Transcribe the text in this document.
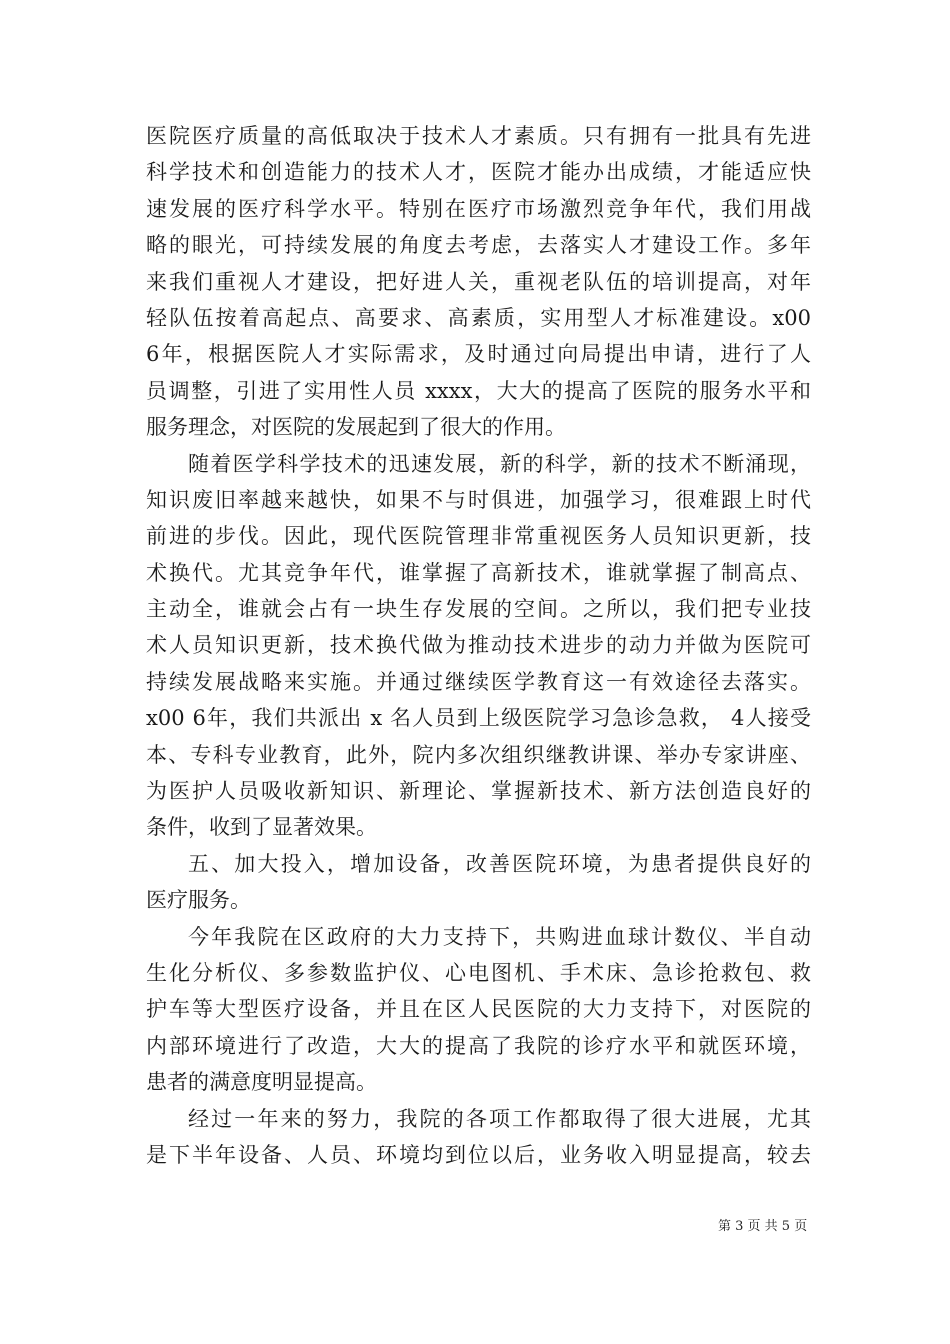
医院医疗质量的高低取决于技术人才素质。只有拥有一批具有先进
科学技术和创造能力的技术人才，医院才能办出成绩，才能适应快
速发展的医疗科学水平。特别在医疗市场激烈竞争年代，我们用战
略的眼光，可持续发展的角度去考虑，去落实人才建设工作。多年
来我们重视人才建设，把好进人关，重视老队伍的培训提高，对年
轻队伍按着高起点、高要求、高素质，实用型人才标准建设。x00
6年，根据医院人才实际需求，及时通过向局提出申请，进行了人
员调整，引进了实用性人员 xxxx，大大的提高了医院的服务水平和
服务理念，对医院的发展起到了很大的作用。
随着医学科学技术的迅速发展，新的科学，新的技术不断涌现，
知识废旧率越来越快，如果不与时俱进，加强学习，很难跟上时代
前进的步伐。因此，现代医院管理非常重视医务人员知识更新，技
术换代。尤其竞争年代，谁掌握了高新技术，谁就掌握了制高点、
主动全，谁就会占有一块生存发展的空间。之所以，我们把专业技
术人员知识更新，技术换代做为推动技术进步的动力并做为医院可
持续发展战略来实施。并通过继续医学教育这一有效途径去落实。
x00 6年，我们共派出 x 名人员到上级医院学习急诊急救， 4人接受
本、专科专业教育，此外，院内多次组织继教讲课、举办专家讲座、
为医护人员吸收新知识、新理论、掌握新技术、新方法创造良好的
条件，收到了显著效果。
五、加大投入，增加设备，改善医院环境，为患者提供良好的
医疗服务。
今年我院在区政府的大力支持下，共购进血球计数仪、半自动
生化分析仪、多参数监护仪、心电图机、手术床、急诊抢救包、救
护车等大型医疗设备，并且在区人民医院的大力支持下，对医院的
内部环境进行了改造，大大的提高了我院的诊疗水平和就医环境，
患者的满意度明显提高。
经过一年来的努力，我院的各项工作都取得了很大进展，尤其
是下半年设备、人员、环境均到位以后，业务收入明显提高，较去
第 3 页 共 5 页
